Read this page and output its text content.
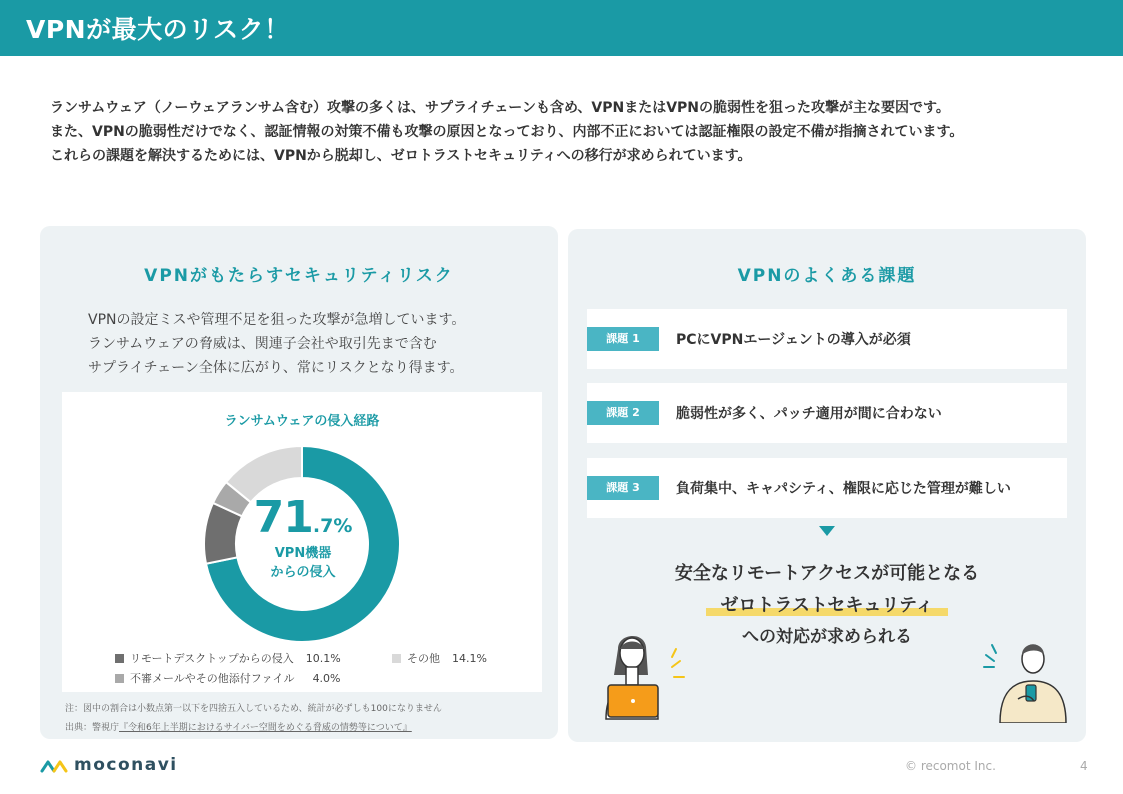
VPNが最大のリスク！
ランサムウェア（ノーウェアランサム含む）攻撃の多くは、サプライチェーンも含め、VPNまたはVPNの脆弱性を狙った攻撃が主な要因です。
また、VPNの脆弱性だけでなく、認証情報の対策不備も攻撃の原因となっており、内部不正においては認証権限の設定不備が指摘されています。
これらの課題を解決するためには、VPNから脱却し、ゼロトラストセキュリティへの移行が求められています。
VPNがもたらすセキュリティリスク
VPNの設定ミスや管理不足を狙った攻撃が急増しています。
ランサムウェアの脅威は、関連子会社や取引先まで含む
サプライチェーン全体に広がり、常にリスクとなり得ます。
ランサムウェアの侵入経路
71.7%
VPN機器
からの侵入
リモートデスクトップからの侵入 10.1%
不審メールやその他添付ファイル 4.0%
その他 14.1%
注：図中の割合は小数点第一以下を四捨五入しているため、統計が必ずしも100になりません
出典：警視庁『令和6年上半期におけるサイバー空間をめぐる脅威の情勢等について』
VPNのよくある課題
課題 1	PCにVPNエージェントの導入が必須
課題 2	脆弱性が多く、パッチ適用が間に合わない
課題 3	負荷集中、キャパシティ、権限に応じた管理が難しい
安全なリモートアクセスが可能となる
ゼロトラストセキュリティ
への対応が求められる
moconavi	© recomot Inc.	4
